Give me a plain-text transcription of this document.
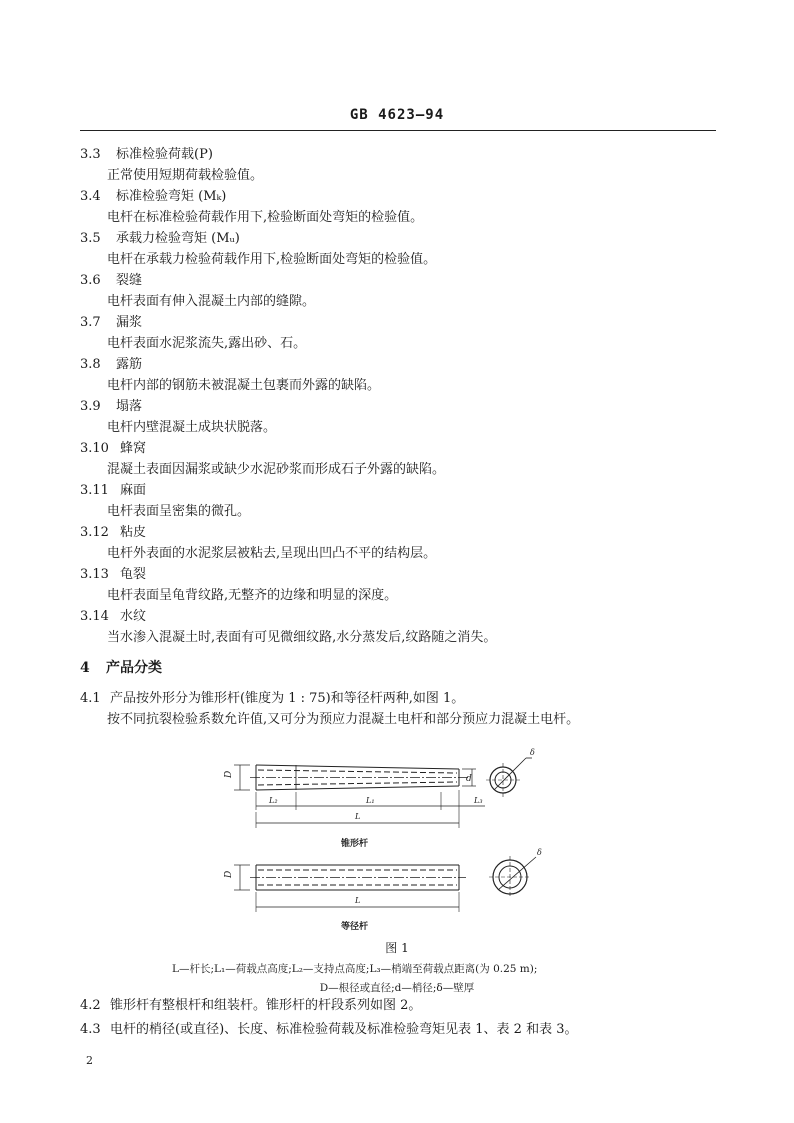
GB 4623—94
3.3 标准检验荷载(P)
正常使用短期荷载检验值。
3.4 标准检验弯矩 (Mₖ)
电杆在标准检验荷载作用下,检验断面处弯矩的检验值。
3.5 承载力检验弯矩 (Mᵤ)
电杆在承载力检验荷载作用下,检验断面处弯矩的检验值。
3.6 裂缝
电杆表面有伸入混凝土内部的缝隙。
3.7 漏浆
电杆表面水泥浆流失,露出砂、石。
3.8 露筋
电杆内部的钢筋未被混凝土包裹而外露的缺陷。
3.9 塌落
电杆内壁混凝土成块状脱落。
3.10 蜂窝
混凝土表面因漏浆或缺少水泥砂浆而形成石子外露的缺陷。
3.11 麻面
电杆表面呈密集的微孔。
3.12 粘皮
电杆外表面的水泥浆层被粘去,呈现出凹凸不平的结构层。
3.13 龟裂
电杆表面呈龟背纹路,无整齐的边缘和明显的深度。
3.14 水纹
当水渗入混凝土时,表面有可见微细纹路,水分蒸发后,纹路随之消失。
4 产品分类
4.1 产品按外形分为锥形杆(锥度为 1 : 75)和等径杆两种,如图 1。
按不同抗裂检验系数允许值,又可分为预应力混凝土电杆和部分预应力混凝土电杆。
D	d
L₂	L₁	L₃
L
δ
锥形杆
D
L
δ
等径杆
图 1
L—杆长;L₁—荷载点高度;L₂—支持点高度;L₃—梢端至荷载点距离(为 0.25 m);
D—根径或直径;d—梢径;δ—壁厚
4.2 锥形杆有整根杆和组装杆。锥形杆的杆段系列如图 2。
4.3 电杆的梢径(或直径)、长度、标准检验荷载及标准检验弯矩见表 1、表 2 和表 3。
2
